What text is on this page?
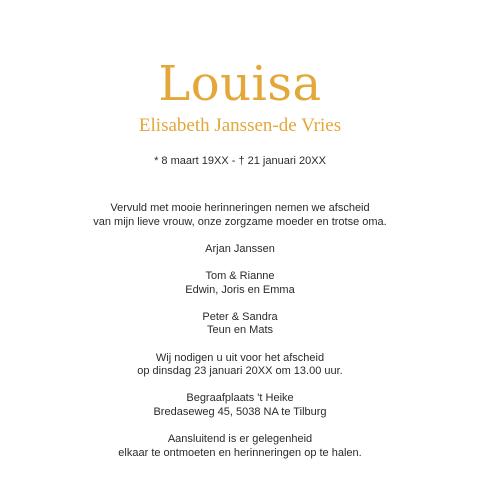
Louisa
Elisabeth Janssen-de Vries
* 8 maart 19XX - † 21 januari 20XX
Vervuld met mooie herinneringen nemen we afscheid
van mijn lieve vrouw, onze zorgzame moeder en trotse oma.
Arjan Janssen
Tom & Rianne
Edwin, Joris en Emma
Peter & Sandra
Teun en Mats
Wij nodigen u uit voor het afscheid
op dinsdag 23 januari 20XX om 13.00 uur.
Begraafplaats 't Heike
Bredaseweg 45, 5038 NA te Tilburg
Aansluitend is er gelegenheid
elkaar te ontmoeten en herinneringen op te halen.
